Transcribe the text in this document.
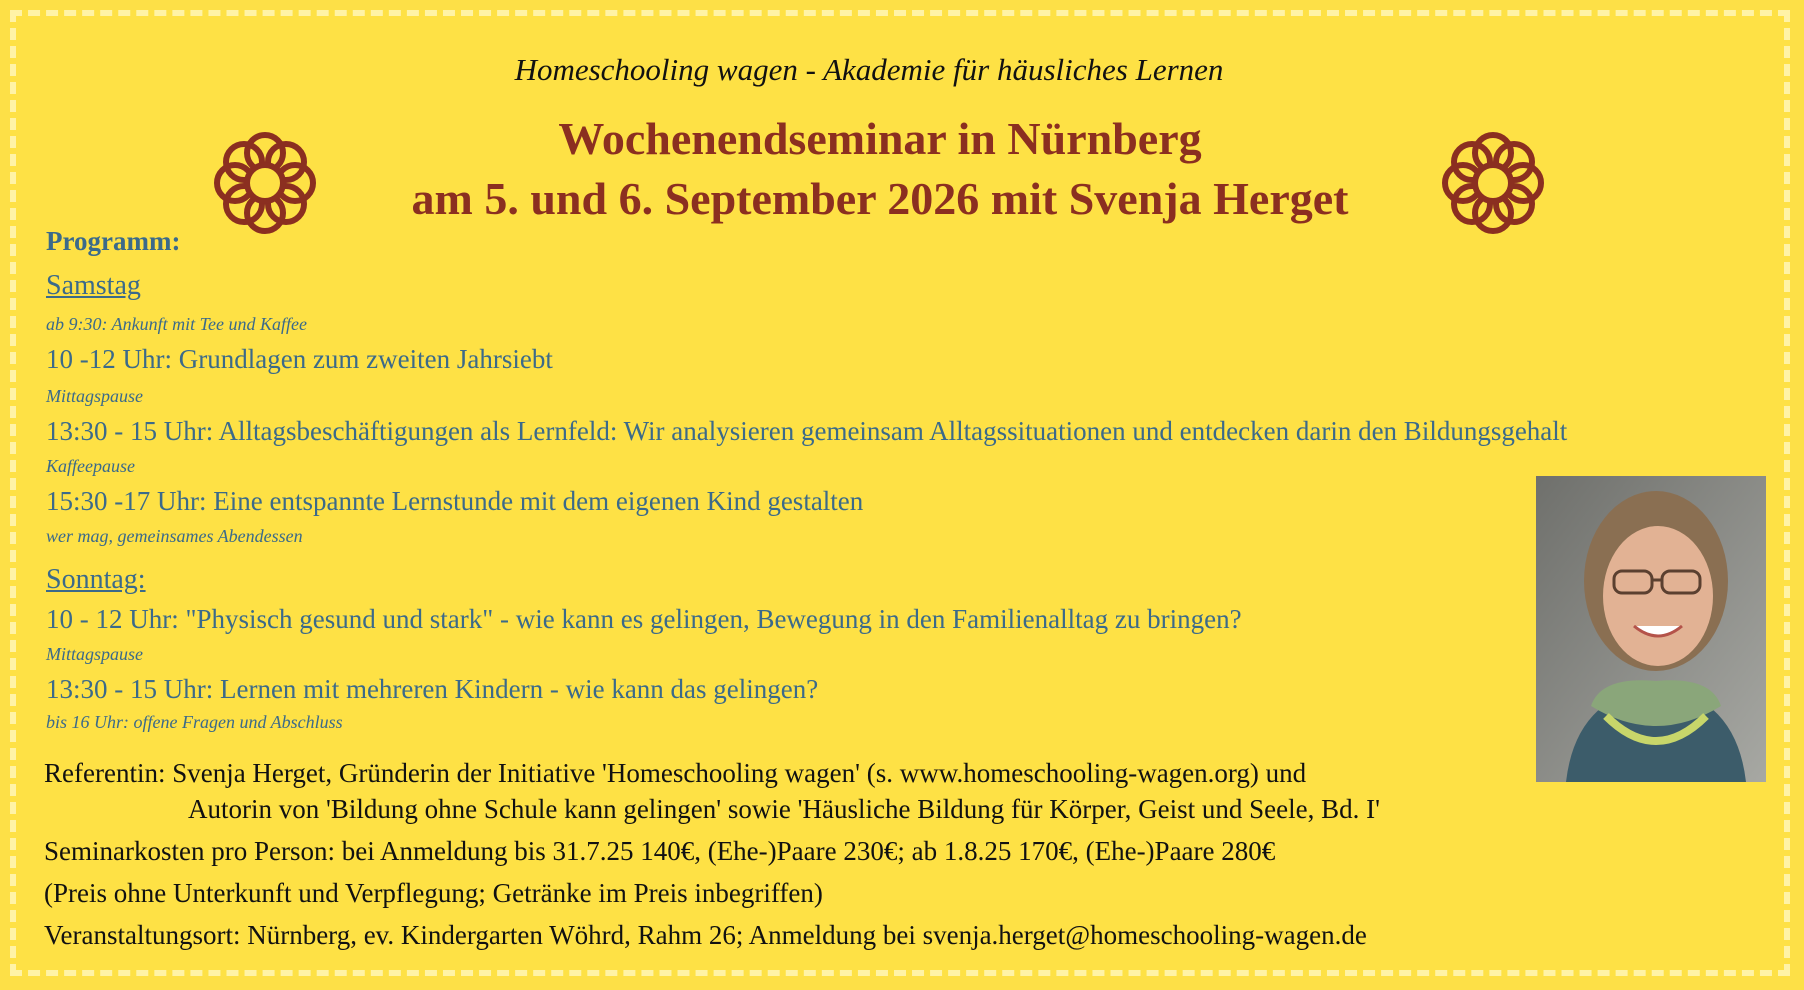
Homeschooling wagen - Akademie für häusliches Lernen
Wochenendseminar in Nürnberg
am 5. und 6. September 2026 mit Svenja Herget
Programm:
Samstag
ab 9:30: Ankunft mit Tee und Kaffee
10 -12 Uhr: Grundlagen zum zweiten Jahrsiebt
Mittagspause
13:30 - 15 Uhr: Alltagsbeschäftigungen als Lernfeld: Wir analysieren gemeinsam Alltagssituationen und entdecken darin den Bildungsgehalt
Kaffeepause
15:30 -17 Uhr: Eine entspannte Lernstunde mit dem eigenen Kind gestalten
wer mag, gemeinsames Abendessen
Sonntag:
10 - 12 Uhr: "Physisch gesund und stark" - wie kann es gelingen, Bewegung in den Familienalltag zu bringen?
Mittagspause
13:30 - 15 Uhr: Lernen mit mehreren Kindern - wie kann das gelingen?
bis 16 Uhr: offene Fragen und Abschluss
Referentin: Svenja Herget, Gründerin der Initiative 'Homeschooling wagen' (s. www.homeschooling-wagen.org) und
Autorin von 'Bildung ohne Schule kann gelingen' sowie 'Häusliche Bildung für Körper, Geist und Seele, Bd. I'
Seminarkosten pro Person: bei Anmeldung bis 31.7.25 140€, (Ehe-)Paare 230€; ab 1.8.25 170€, (Ehe-)Paare 280€
(Preis ohne Unterkunft und Verpflegung; Getränke im Preis inbegriffen)
Veranstaltungsort: Nürnberg, ev. Kindergarten Wöhrd, Rahm 26; Anmeldung bei svenja.herget@homeschooling-wagen.de
